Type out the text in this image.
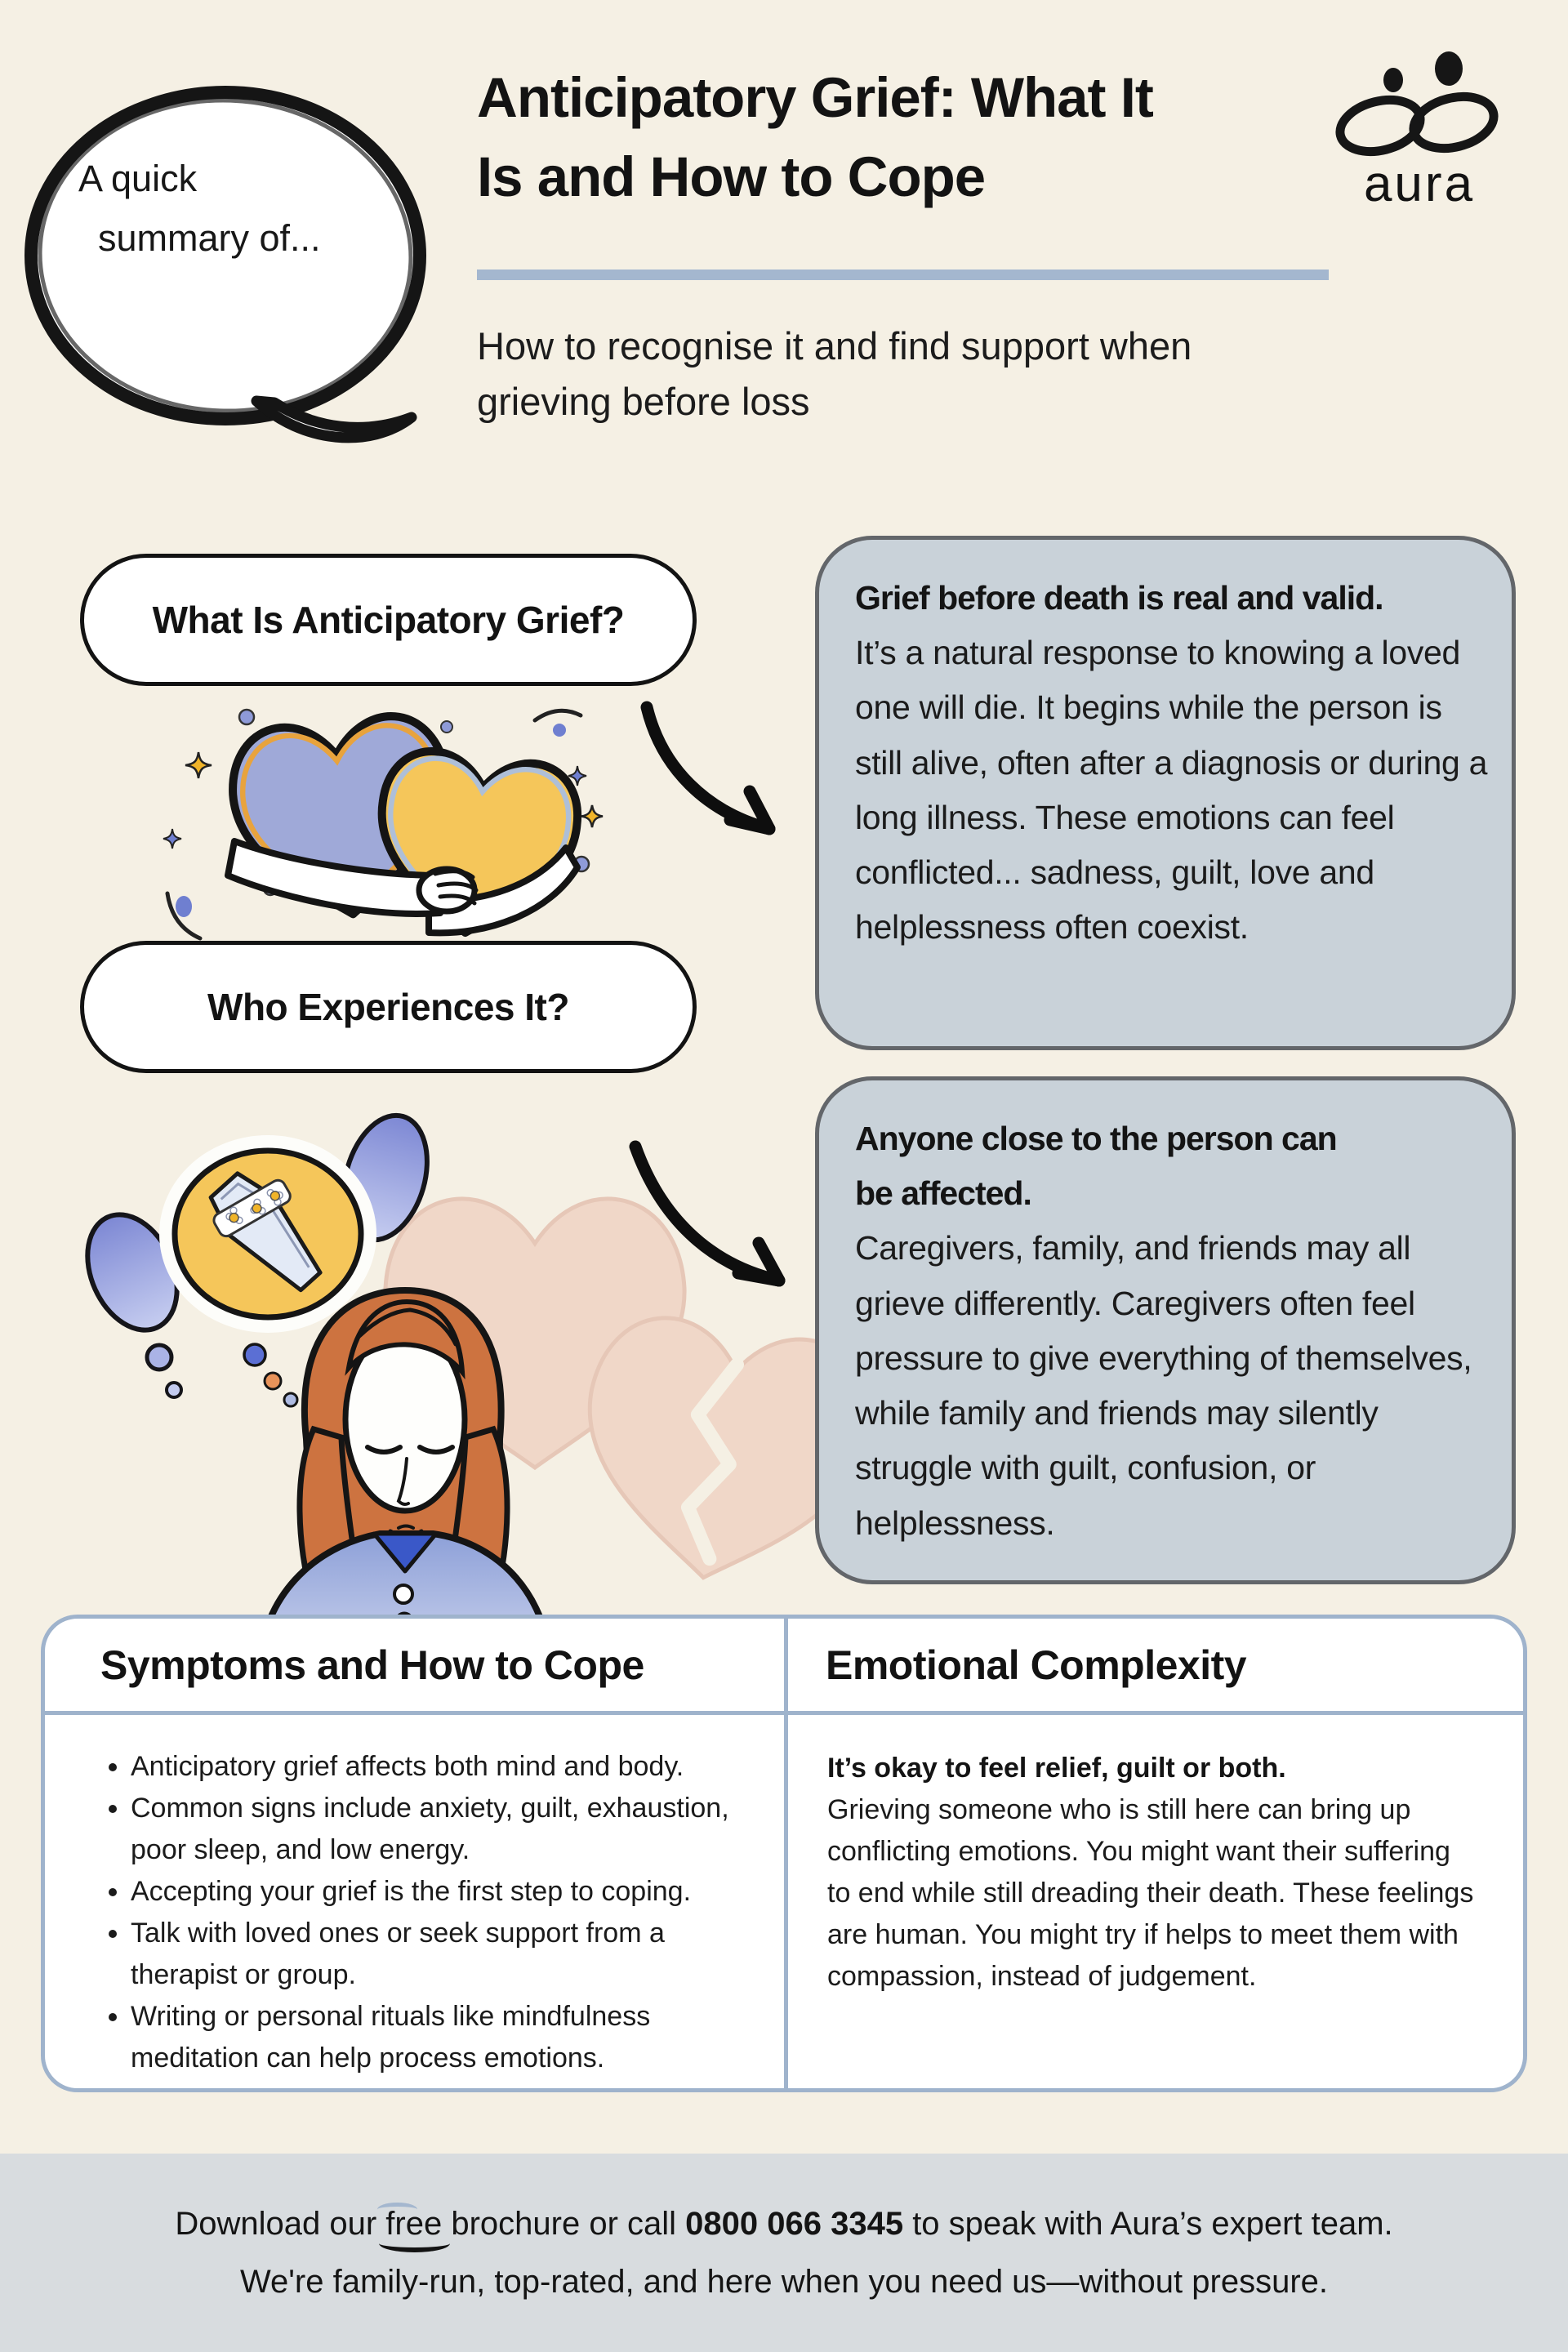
A quick
summary of...
Anticipatory Grief: What It
Is and How to Cope
How to recognise it and find support when grieving before loss
aura
What Is Anticipatory Grief?
Grief before death is real and valid.
It’s a natural response to knowing a loved one will die. It begins while the person is still alive, often after a diagnosis or during a long illness. These emotions can feel conflicted... sadness, guilt, love and helplessness often coexist.
Who Experiences It?
Anyone close to the person can be affected.
Caregivers, family, and friends may all grieve differently. Caregivers often feel pressure to give everything of themselves, while family and friends may silently struggle with guilt, confusion, or helplessness.
Symptoms and How to Cope
• Anticipatory grief affects both mind and body.
• Common signs include anxiety, guilt, exhaustion, poor sleep, and low energy.
• Accepting your grief is the first step to coping.
• Talk with loved ones or seek support from a therapist or group.
• Writing or personal rituals like mindfulness meditation can help process emotions.
Emotional Complexity
It’s okay to feel relief, guilt or both.
Grieving someone who is still here can bring up conflicting emotions. You might want their suffering to end while still dreading their death. These feelings are human. You might try if helps to meet them with compassion, instead of judgement.
Download our free brochure or call 0800 066 3345 to speak with Aura’s expert team.
We're family-run, top-rated, and here when you need us—without pressure.
